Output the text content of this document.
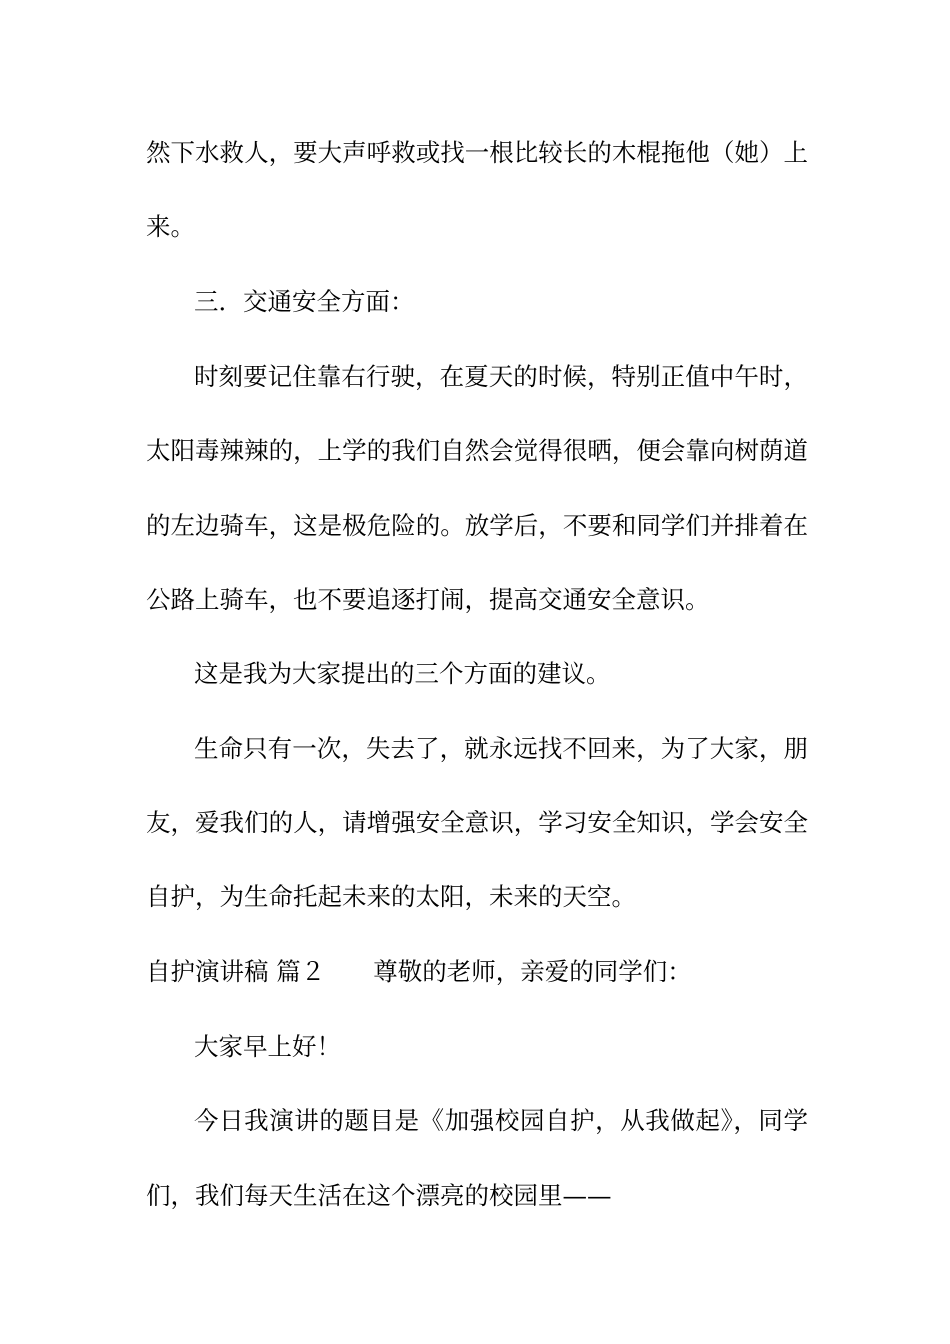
然下水救人，要大声呼救或找一根比较长的木棍拖他（她）上
来。
三．交通安全方面：
时刻要记住靠右行驶，在夏天的时候，特别正值中午时，
太阳毒辣辣的，上学的我们自然会觉得很晒，便会靠向树荫道
的左边骑车，这是极危险的。放学后，不要和同学们并排着在
公路上骑车，也不要追逐打闹，提高交通安全意识。
这是我为大家提出的三个方面的建议。
生命只有一次，失去了，就永远找不回来，为了大家，朋
友，爱我们的人，请增强安全意识，学习安全知识，学会安全
自护，为生命托起未来的太阳，未来的天空。
自护演讲稿 篇２ 尊敬的老师，亲爱的同学们：
大家早上好！
今日我演讲的题目是《加强校园自护，从我做起》，同学
们，我们每天生活在这个漂亮的校园里——
